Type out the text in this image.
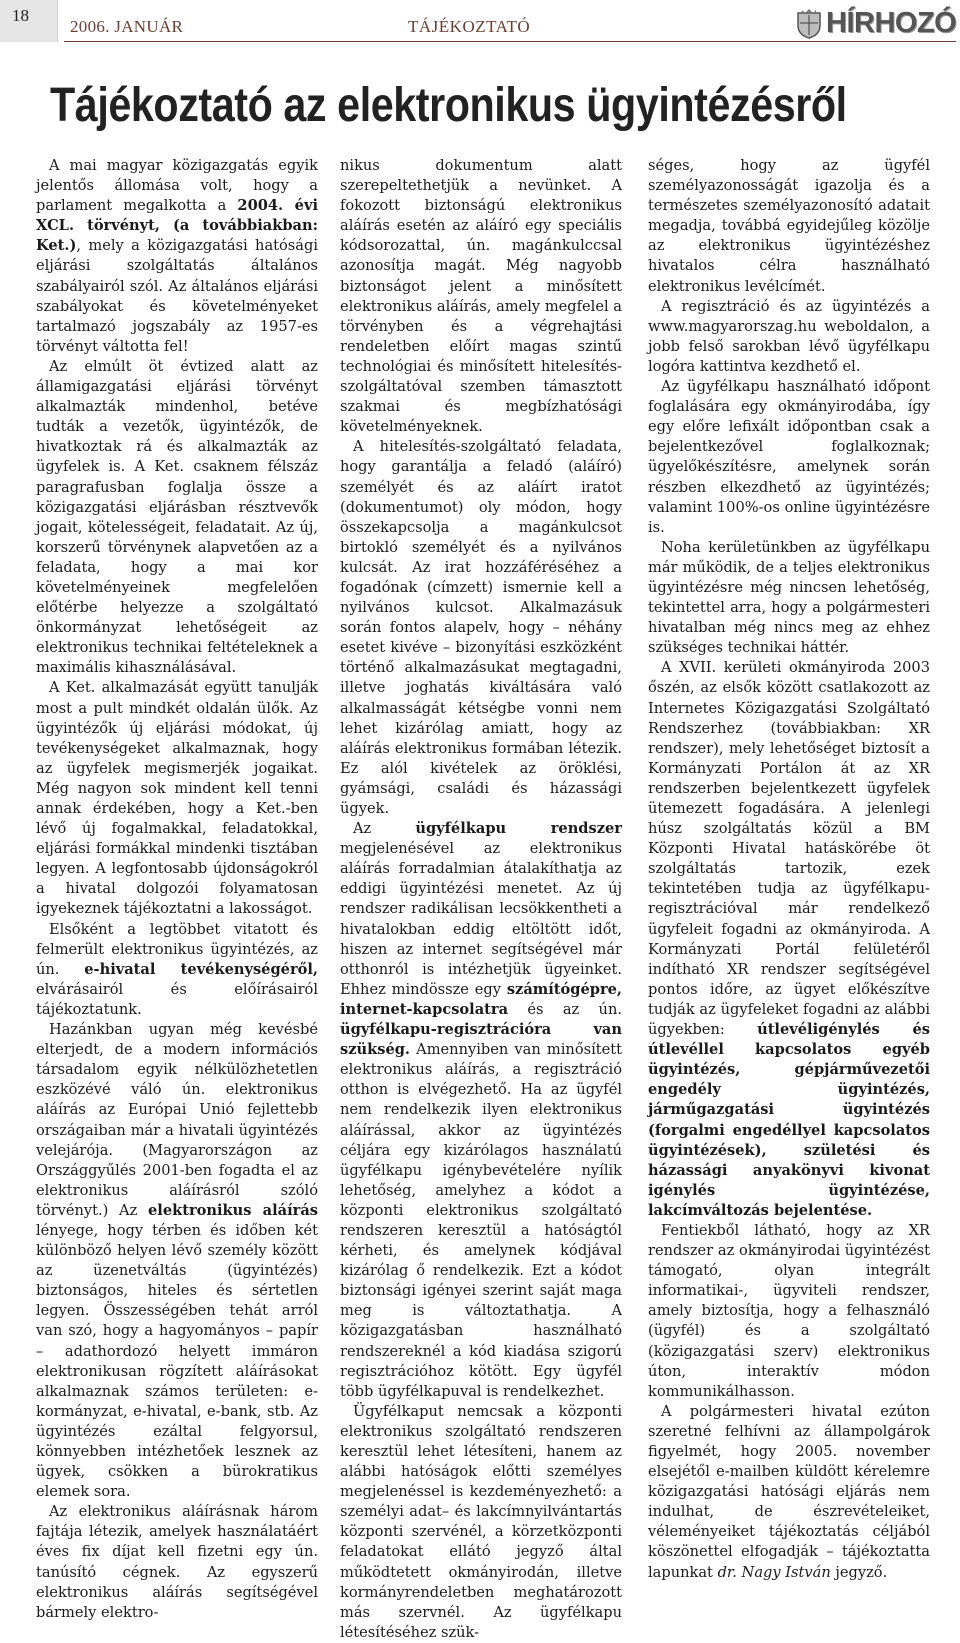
18
2006. JANUÁR	TÁJÉKOZTATÓ	HÍRHOZÓ
Tájékoztató az elektronikus ügyintézésről

A mai magyar közigazgatás egyik jelentős állomása volt, hogy a parlament megalkotta a 2004. évi XCL. törvényt, (a továbbiakban: Ket.), mely a közigazgatási hatósági eljárási szolgáltatás általános szabályairól szól. Az általános eljárási szabályokat és követelményeket tartalmazó jogszabály az 1957-es törvényt váltotta fel!

Az elmúlt öt évtized alatt az államigazgatási eljárási törvényt alkalmazták mindenhol, betéve tudták a vezetők, ügyintézők, de hivatkoztak rá és alkalmazták az ügyfelek is. A Ket. csaknem félszáz paragrafusban foglalja össze a közigazgatási eljárásban résztvevők jogait, kötelességeit, feladatait. Az új, korszerű törvénynek alapvetően az a feladata, hogy a mai kor követelményeinek megfelelően előtérbe helyezze a szolgáltató önkormányzat lehetőségeit az elektronikus technikai feltételeknek a maximális kihasználásával.

A Ket. alkalmazását együtt tanulják most a pult mindkét oldalán ülők. Az ügyintézők új eljárási módokat, új tevékenységeket alkalmaznak, hogy az ügyfelek megismerjék jogaikat. Még nagyon sok mindent kell tenni annak érdekében, hogy a Ket.-ben lévő új fogalmakkal, feladatokkal, eljárási formákkal mindenki tisztában legyen. A legfontosabb újdonságokról a hivatal dolgozói folyamatosan igyekeznek tájékoztatni a lakosságot.

Elsőként a legtöbbet vitatott és felmerült elektronikus ügyintézés, az ún. e-hivatal tevékenységéről, elvárásairól és előírásairól tájékoztatunk.

Hazánkban ugyan még kevésbé elterjedt, de a modern információs társadalom egyik nélkülözhetetlen eszközévé váló ún. elektronikus aláírás az Európai Unió fejlettebb országaiban már a hivatali ügyintézés velejárója. (Magyarországon az Országgyűlés 2001-ben fogadta el az elektronikus aláírásról szóló törvényt.) Az elektronikus aláírás lényege, hogy térben és időben két különböző helyen lévő személy között az üzenetváltás (ügyintézés) biztonságos, hiteles és sértetlen legyen. Összességében tehát arról van szó, hogy a hagyományos – papír – adathordozó helyett immáron elektronikusan rögzített aláírásokat alkalmaznak számos területen: e-kormányzat, e-hivatal, e-bank, stb. Az ügyintézés ezáltal felgyorsul, könnyebben intézhetőek lesznek az ügyek, csökken a bürokratikus elemek sora.

Az elektronikus aláírásnak három fajtája létezik, amelyek használatáért éves fix díjat kell fizetni egy ún. tanúsító cégnek. Az egyszerű elektronikus aláírás segítségével bármely elektro-

nikus dokumentum alatt szerepeltethetjük a nevünket. A fokozott biztonságú elektronikus aláírás esetén az aláíró egy speciális kódsorozattal, ún. magánkulccsal azonosítja magát. Még nagyobb biztonságot jelent a minősített elektronikus aláírás, amely megfelel a törvényben és a végrehajtási rendeletben előírt magas szintű technológiai és minősített hitelesítés-szolgáltatóval szemben támasztott szakmai és megbízhatósági követelményeknek.

A hitelesítés-szolgáltató feladata, hogy garantálja a feladó (aláíró) személyét és az aláírt iratot (dokumentumot) oly módon, hogy összekapcsolja a magánkulcsot birtokló személyét és a nyilvános kulcsát. Az irat hozzáféréséhez a fogadónak (címzett) ismernie kell a nyilvános kulcsot. Alkalmazásuk során fontos alapelv, hogy – néhány esetet kivéve – bizonyítási eszközként történő alkalmazásukat megtagadni, illetve joghatás kiváltására való alkalmasságát kétségbe vonni nem lehet kizárólag amiatt, hogy az aláírás elektronikus formában létezik. Ez alól kivételek az öröklési, gyámsági, családi és házassági ügyek.

Az ügyfélkapu rendszer megjelenésével az elektronikus aláírás forradalmian átalakíthatja az eddigi ügyintézési menetet. Az új rendszer radikálisan lecsökkentheti a hivatalokban eddig eltöltött időt, hiszen az internet segítségével már otthonról is intézhetjük ügyeinket. Ehhez mindössze egy számítógépre, internet-kapcsolatra és az ún. ügyfélkapu-regisztrációra van szükség. Amennyiben van minősített elektronikus aláírás, a regisztráció otthon is elvégezhető. Ha az ügyfél nem rendelkezik ilyen elektronikus aláírással, akkor az ügyintézés céljára egy kizárólagos használatú ügyfélkapu igénybevételére nyílik lehetőség, amelyhez a kódot a központi elektronikus szolgáltató rendszeren keresztül a hatóságtól kérheti, és amelynek kódjával kizárólag ő rendelkezik. Ezt a kódot biztonsági igényei szerint saját maga meg is változtathatja. A közigazgatásban használható rendszereknél a kód kiadása szigorú regisztrációhoz kötött. Egy ügyfél több ügyfélkapuval is rendelkezhet.

Ügyfélkaput nemcsak a központi elektronikus szolgáltató rendszeren keresztül lehet létesíteni, hanem az alábbi hatóságok előtti személyes megjelenéssel is kezdeményezhető: a személyi adat– és lakcímnyilvántartás központi szervénél, a körzetközponti feladatokat ellátó jegyző által működtetett okmányirodán, illetve kormányrendeletben meghatározott más szervnél. Az ügyfélkapu létesítéséhez szük-

séges, hogy az ügyfél személyazonosságát igazolja és a természetes személyazonosító adatait megadja, továbbá egyidejűleg közölje az elektronikus ügyintézéshez hivatalos célra használható elektronikus levélcímét.

A regisztráció és az ügyintézés a www.magyarorszag.hu weboldalon, a jobb felső sarokban lévő ügyfélkapu logóra kattintva kezdhető el.

Az ügyfélkapu használható időpont foglalására egy okmányirodába, így egy előre lefixált időpontban csak a bejelentkezővel foglalkoznak; ügyelőkészítésre, amelynek során részben elkezdhető az ügyintézés; valamint 100%-os online ügyintézésre is.

Noha kerületünkben az ügyfélkapu már működik, de a teljes elektronikus ügyintézésre még nincsen lehetőség, tekintettel arra, hogy a polgármesteri hivatalban még nincs meg az ehhez szükséges technikai háttér.

A XVII. kerületi okmányiroda 2003 őszén, az elsők között csatlakozott az Internetes Közigazgatási Szolgáltató Rendszerhez (továbbiakban: XR rendszer), mely lehetőséget biztosít a Kormányzati Portálon át az XR rendszerben bejelentkezett ügyfelek ütemezett fogadására. A jelenlegi húsz szolgáltatás közül a BM Központi Hivatal hatáskörébe öt szolgáltatás tartozik, ezek tekintetében tudja az ügyfélkapu-regisztrációval már rendelkező ügyfeleit fogadni az okmányiroda. A Kormányzati Portál felületéről indítható XR rendszer segítségével pontos időre, az ügyet előkészítve tudják az ügyfeleket fogadni az alábbi ügyekben: útlevéligénylés és útlevéllel kapcsolatos egyéb ügyintézés, gépjárművezetői engedély ügyintézés, járműgazgatási ügyintézés (forgalmi engedéllyel kapcsolatos ügyintézések), születési és házassági anyakönyvi kivonat igénylés ügyintézése, lakcímváltozás bejelentése.

Fentiekből látható, hogy az XR rendszer az okmányirodai ügyintézést támogató, olyan integrált informatikai-, ügyviteli rendszer, amely biztosítja, hogy a felhasználó (ügyfél) és a szolgáltató (közigazgatási szerv) elektronikus úton, interaktív módon kommunikálhasson.

A polgármesteri hivatal ezúton szeretné felhívni az állampolgárok figyelmét, hogy 2005. november elsejétől e-mailben küldött kérelemre közigazgatási hatósági eljárás nem indulhat, de észrevételeiket, véleményeiket tájékoztatás céljából köszönettel elfogadják – tájékoztatta lapunkat dr. Nagy István jegyző.
